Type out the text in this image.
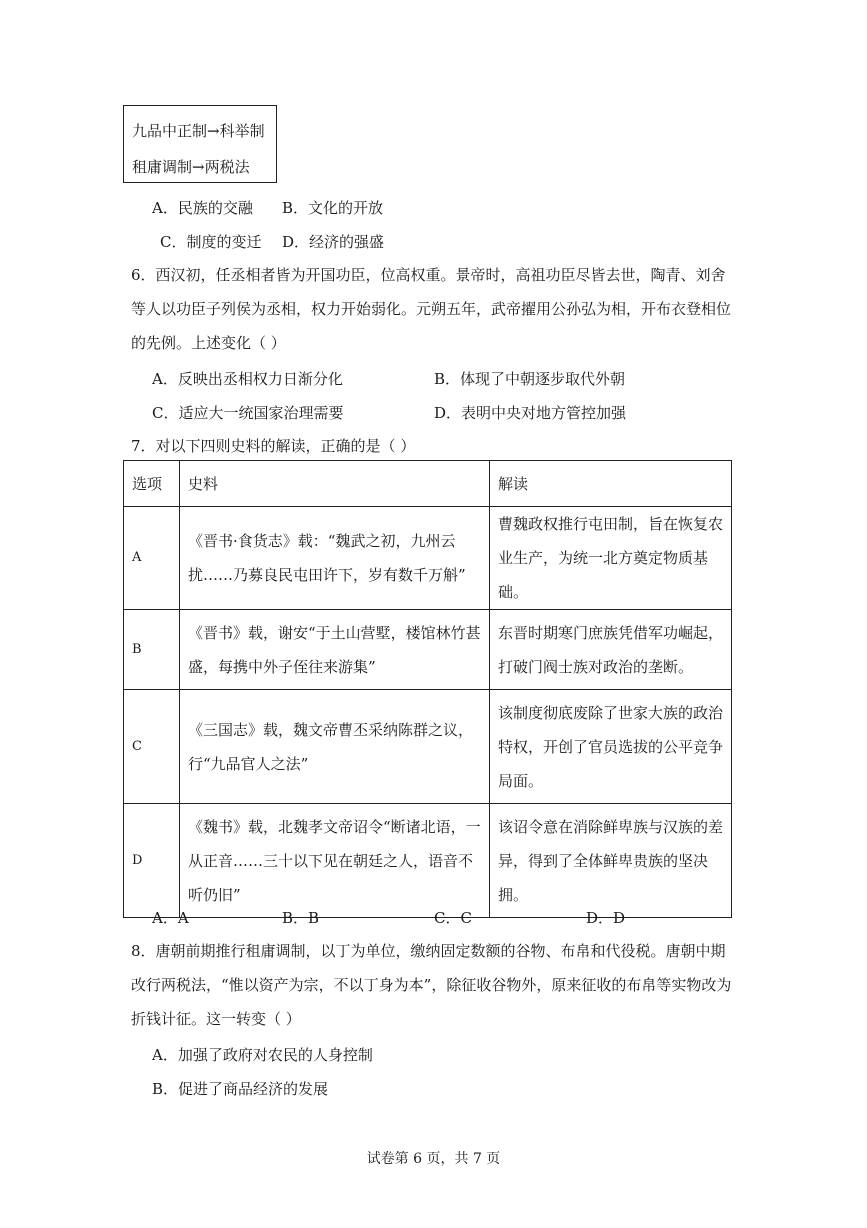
九品中正制→科举制
租庸调制→两税法
A．民族的交融 B．文化的开放
C．制度的变迁 D．经济的强盛
6．西汉初，任丞相者皆为开国功臣，位高权重。景帝时，高祖功臣尽皆去世，陶青、刘舍
等人以功臣子列侯为丞相，权力开始弱化。元朔五年，武帝擢用公孙弘为相，开布衣登相位
的先例。上述变化（ ）
A．反映出丞相权力日渐分化	B．体现了中朝逐步取代外朝
C．适应大一统国家治理需要	D．表明中央对地方管控加强
7．对以下四则史料的解读，正确的是（ ）
选项	史料	解读
A	《晋书·食货志》载：“魏武之初，九州云扰……乃募良民屯田许下，岁有数千万斛”	曹魏政权推行屯田制，旨在恢复农业生产，为统一北方奠定物质基础。
B	《晋书》载，谢安“于土山营墅，楼馆林竹甚盛，每携中外子侄往来游集”	东晋时期寒门庶族凭借军功崛起，打破门阀士族对政治的垄断。
C	《三国志》载，魏文帝曹丕采纳陈群之议，行“九品官人之法”	该制度彻底废除了世家大族的政治特权，开创了官员选拔的公平竞争局面。
D	《魏书》载，北魏孝文帝诏令“断诸北语，一从正音……三十以下见在朝廷之人，语音不听仍旧”	该诏令意在消除鲜卑族与汉族的差异，得到了全体鲜卑贵族的坚决拥。
A．A	B．B	C．C	D．D
8．唐朝前期推行租庸调制，以丁为单位，缴纳固定数额的谷物、布帛和代役税。唐朝中期
改行两税法，“惟以资产为宗，不以丁身为本”，除征收谷物外，原来征收的布帛等实物改为
折钱计征。这一转变（ ）
A．加强了政府对农民的人身控制
B．促进了商品经济的发展
试卷第 6 页，共 7 页
